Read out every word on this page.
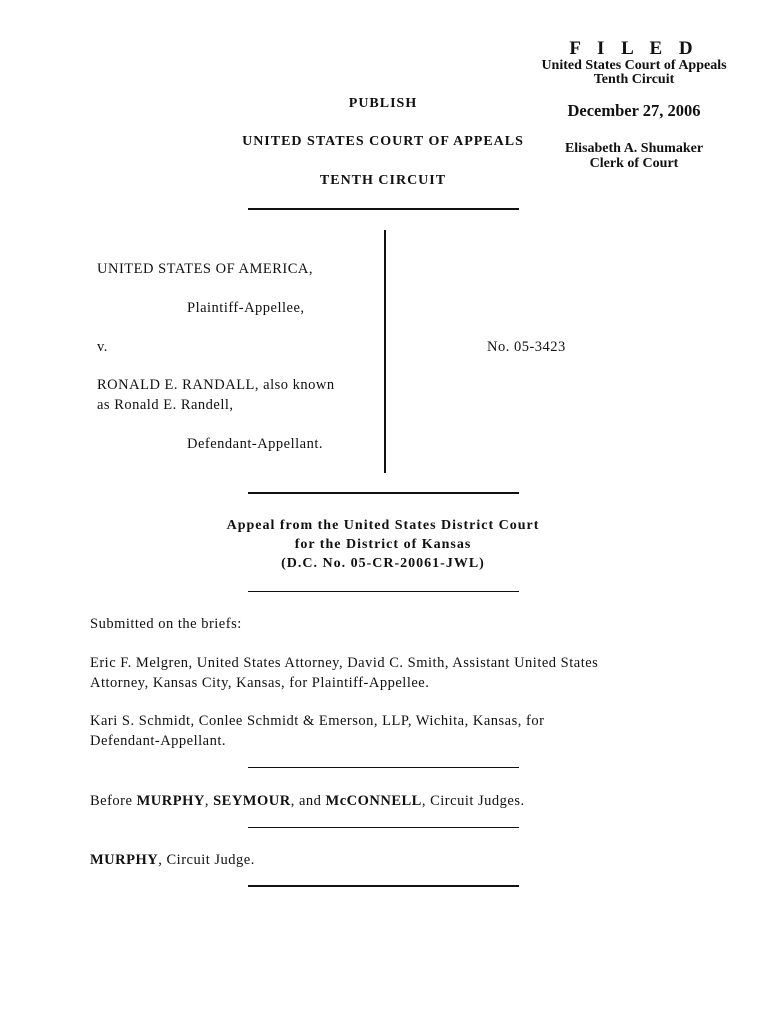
F I L E D
United States Court of Appeals
Tenth Circuit
December 27, 2006
Elisabeth A. Shumaker
Clerk of Court
PUBLISH
UNITED STATES COURT OF APPEALS
TENTH CIRCUIT
UNITED STATES OF AMERICA,
Plaintiff-Appellee,
v.	No. 05-3423
RONALD E. RANDALL, also known
as Ronald E. Randell,
Defendant-Appellant.
Appeal from the United States District Court
for the District of Kansas
(D.C. No. 05-CR-20061-JWL)
Submitted on the briefs:
Eric F. Melgren, United States Attorney, David C. Smith, Assistant United States
Attorney, Kansas City, Kansas, for Plaintiff-Appellee.
Kari S. Schmidt, Conlee Schmidt & Emerson, LLP, Wichita, Kansas, for
Defendant-Appellant.
Before MURPHY, SEYMOUR, and McCONNELL, Circuit Judges.
MURPHY, Circuit Judge.
